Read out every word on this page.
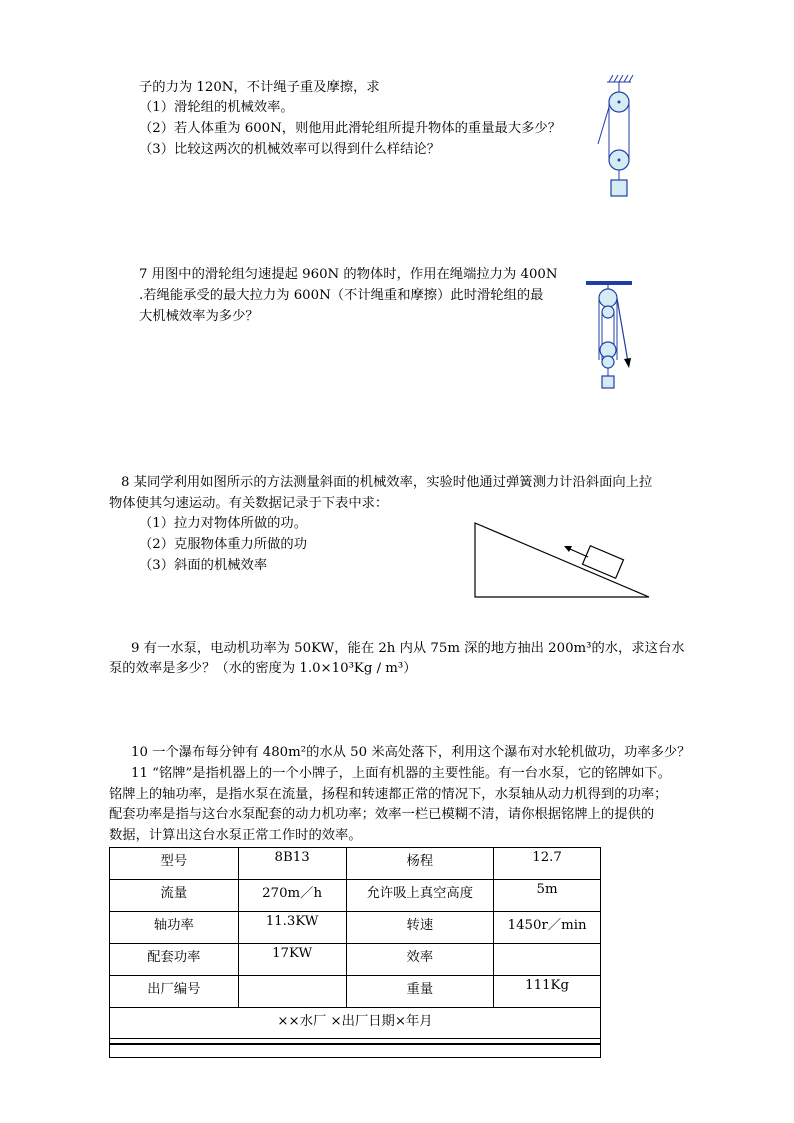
子的力为 120N，不计绳子重及摩擦，求
（1）滑轮组的机械效率。
（2）若人体重为 600N，则他用此滑轮组所提升物体的重量最大多少？
（3）比较这两次的机械效率可以得到什么样结论？
7 用图中的滑轮组匀速提起 960N 的物体时，作用在绳端拉力为 400N
.若绳能承受的最大拉力为 600N（不计绳重和摩擦）此时滑轮组的最
大机械效率为多少？
8 某同学利用如图所示的方法测量斜面的机械效率，实验时他通过弹簧测力计沿斜面向上拉
物体使其匀速运动。有关数据记录于下表中求：
（1）拉力对物体所做的功。
（2）克服物体重力所做的功
（3）斜面的机械效率
9 有一水泵，电动机功率为 50KW，能在 2h 内从 75m 深的地方抽出 200m³的水，求这台水
泵的效率是多少？（水的密度为 1.0×10³Kg / m³）
10 一个瀑布每分钟有 480m²的水从 50 米高处落下，利用这个瀑布对水轮机做功，功率多少？
11 “铭牌”是指机器上的一个小牌子，上面有机器的主要性能。有一台水泵，它的铭牌如下。
铭牌上的轴功率，是指水泵在流量，扬程和转速都正常的情况下，水泵轴从动力机得到的功率；
配套功率是指与这台水泵配套的动力机功率；效率一栏已模糊不清，请你根据铭牌上的提供的
数据，计算出这台水泵正常工作时的效率。
型号	8B13	杨程	12.7
流量	270m／h	允许吸上真空高度	5m
轴功率	11.3KW	转速	1450r／min
配套功率	17KW	效率	
出厂编号		重量	111Kg
××水厂 ×出厂日期×年月			
